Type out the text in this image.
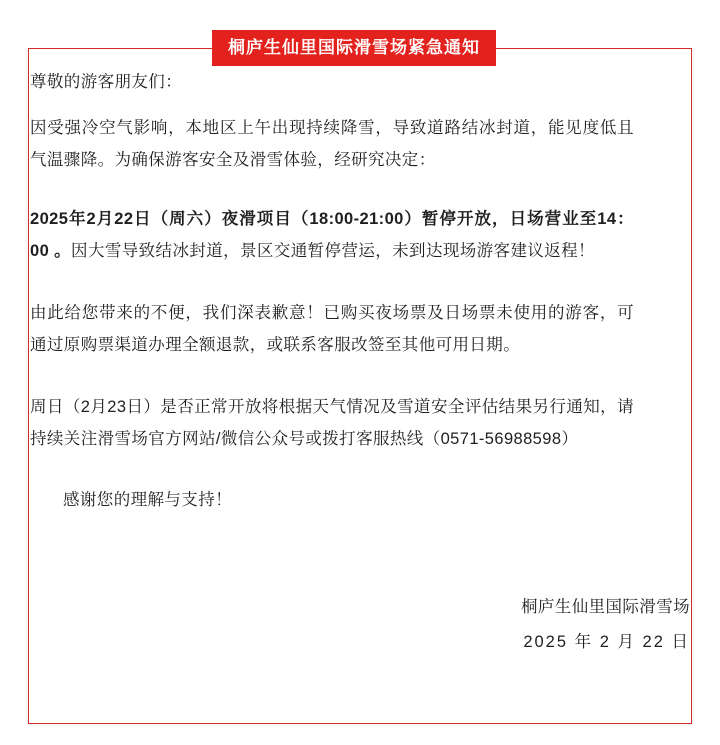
桐庐生仙里国际滑雪场紧急通知

尊敬的游客朋友们：

因受强冷空气影响，本地区上午出现持续降雪，导致道路结冰封道，能见度低且气温骤降。为确保游客安全及滑雪体验，经研究决定：

2025年2月22日（周六）夜滑项目（18:00-21:00）暂停开放，日场营业至14：00 。因大雪导致结冰封道，景区交通暂停营运，未到达现场游客建议返程！

由此给您带来的不便，我们深表歉意！已购买夜场票及日场票未使用的游客，可通过原购票渠道办理全额退款，或联系客服改签至其他可用日期。

周日（2月23日）是否正常开放将根据天气情况及雪道安全评估结果另行通知，请持续关注滑雪场官方网站/微信公众号或拨打客服热线（0571-56988598）

感谢您的理解与支持！

桐庐生仙里国际滑雪场
2025 年 2 月 22 日
